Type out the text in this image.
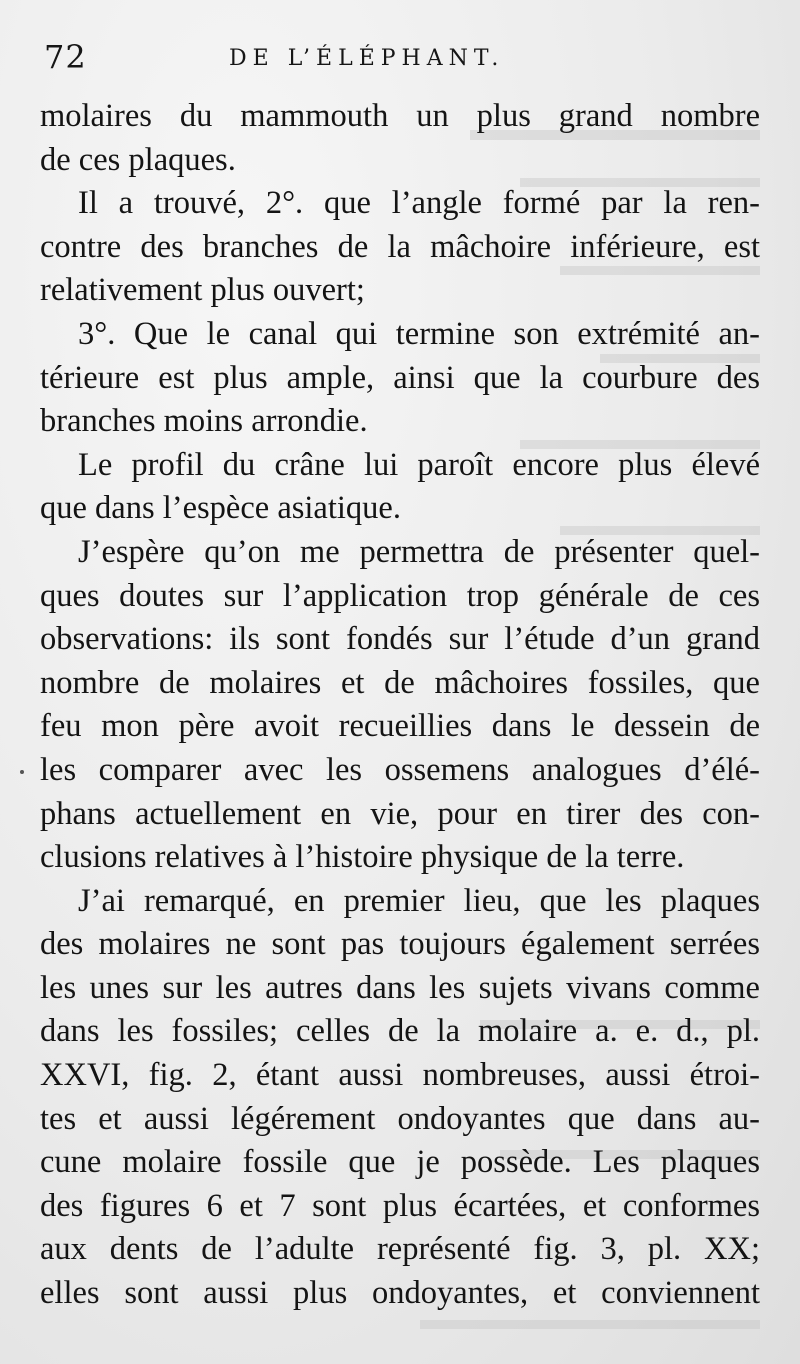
72	DE L’ÉLÉPHANT.
molaires du mammouth un plus grand nombre
de ces plaques.
Il a trouvé, 2°. que l’angle formé par la ren-
contre des branches de la mâchoire inférieure, est
relativement plus ouvert;
3°. Que le canal qui termine son extrémité an-
térieure est plus ample, ainsi que la courbure des
branches moins arrondie.
Le profil du crâne lui paroît encore plus élevé
que dans l’espèce asiatique.
J’espère qu’on me permettra de présenter quel-
ques doutes sur l’application trop générale de ces
observations: ils sont fondés sur l’étude d’un grand
nombre de molaires et de mâchoires fossiles, que
feu mon père avoit recueillies dans le dessein de
les comparer avec les ossemens analogues d’élé-
phans actuellement en vie, pour en tirer des con-
clusions relatives à l’histoire physique de la terre.
J’ai remarqué, en premier lieu, que les plaques
des molaires ne sont pas toujours également serrées
les unes sur les autres dans les sujets vivans comme
dans les fossiles; celles de la molaire a. e. d., pl.
XXVI, fig. 2, étant aussi nombreuses, aussi étroi-
tes et aussi légérement ondoyantes que dans au-
cune molaire fossile que je possède. Les plaques
des figures 6 et 7 sont plus écartées, et conformes
aux dents de l’adulte représenté fig. 3, pl. XX;
elles sont aussi plus ondoyantes, et conviennent
